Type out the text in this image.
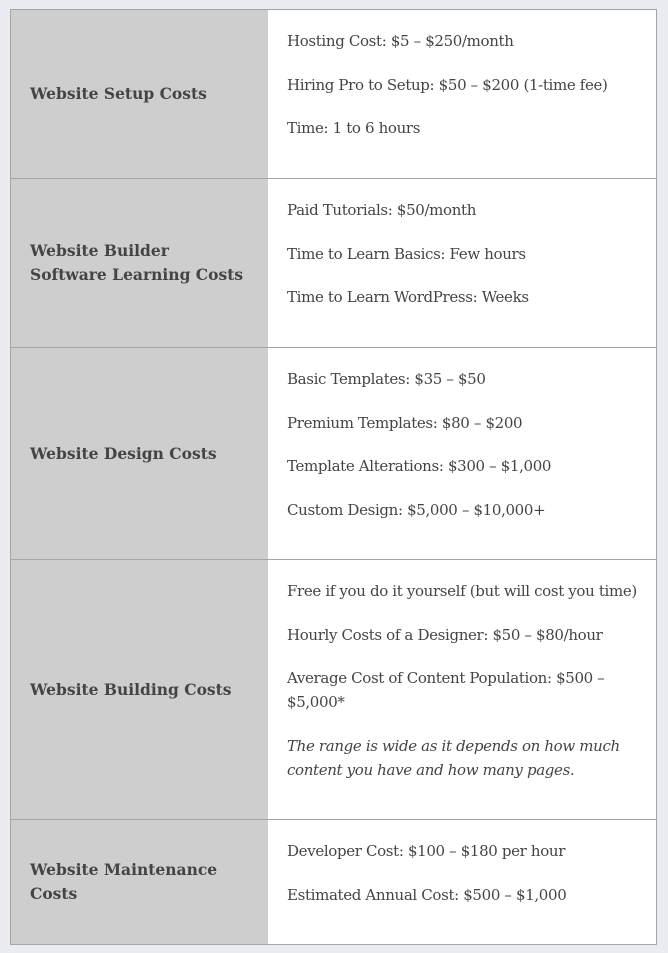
Website Setup Costs

Hosting Cost: $5 – $250/month

Hiring Pro to Setup: $50 – $200 (1-time fee)

Time: 1 to 6 hours

Website Builder Software Learning Costs

Paid Tutorials: $50/month

Time to Learn Basics: Few hours

Time to Learn WordPress: Weeks

Website Design Costs

Basic Templates: $35 – $50

Premium Templates: $80 – $200

Template Alterations: $300 – $1,000

Custom Design: $5,000 – $10,000+

Website Building Costs

Free if you do it yourself (but will cost you time)

Hourly Costs of a Designer: $50 – $80/hour

Average Cost of Content Population: $500 – $5,000*

The range is wide as it depends on how much content you have and how many pages.

Website Maintenance Costs

Developer Cost: $100 – $180 per hour

Estimated Annual Cost: $500 – $1,000
